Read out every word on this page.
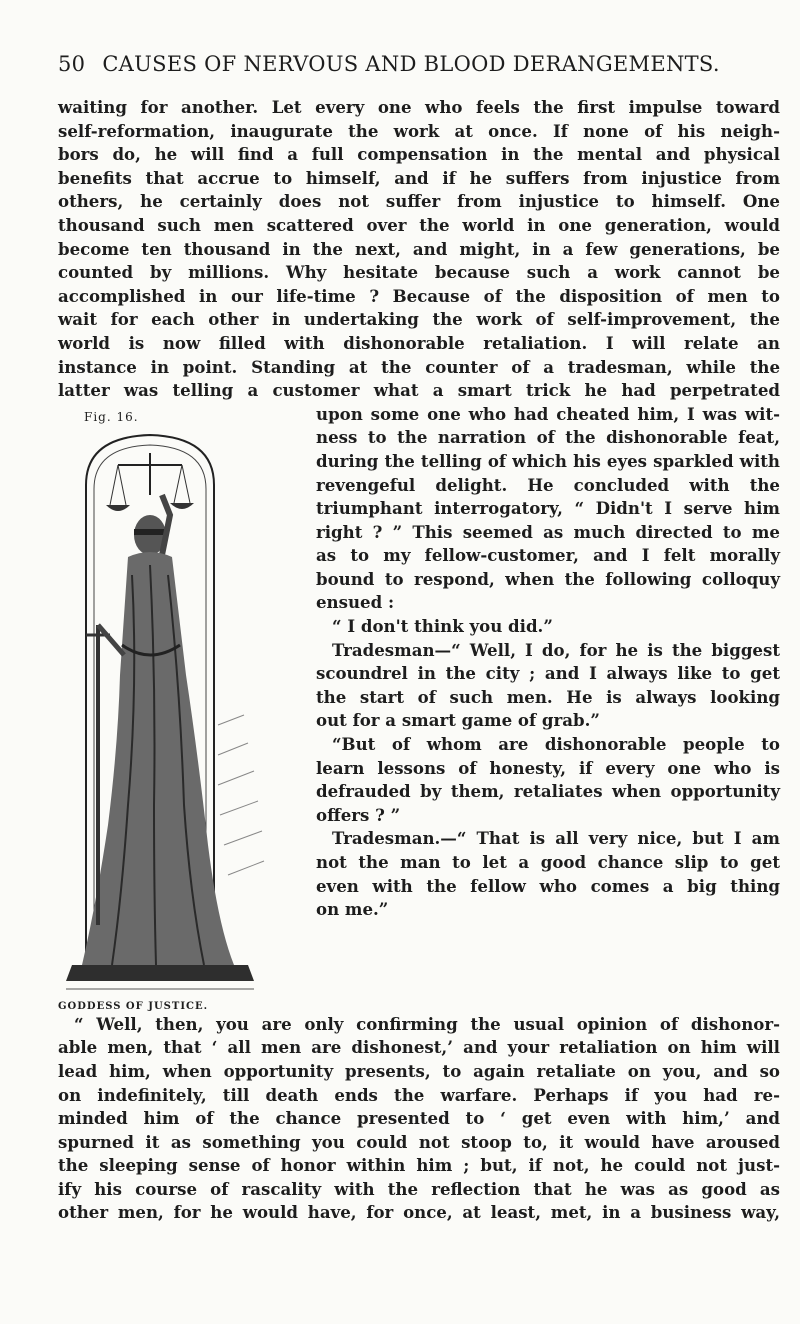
50 CAUSES OF NERVOUS AND BLOOD DERANGEMENTS.

waiting for another. Let every one who feels the first impulse toward

self-reformation, inaugurate the work at once. If none of his neigh-

bors do, he will find a full compensation in the mental and physical

benefits that accrue to himself, and if he suffers from injustice from

others, he certainly does not suffer from injustice to himself. One

thousand such men scattered over the world in one generation, would

become ten thousand in the next, and might, in a few generations, be

counted by millions. Why hesitate because such a work cannot be

accomplished in our life-time ? Because of the disposition of men to

wait for each other in undertaking the work of self-improvement, the

world is now filled with dishonorable retaliation. I will relate an

instance in point. Standing at the counter of a tradesman, while the

latter was telling a customer what a smart trick he had perpetrated

Fig. 16.
GODDESS OF JUSTICE.

upon some one who had cheated him, I was wit-

ness to the narration of the dishonorable feat,

during the telling of which his eyes sparkled with

revengeful delight. He concluded with the

triumphant interrogatory, “ Didn't I serve him

right ? ” This seemed as much directed to me

as to my fellow-customer, and I felt morally

bound to respond, when the following colloquy

ensued :

“ I don't think you did.”

Tradesman—“ Well, I do, for he is the biggest

scoundrel in the city ; and I always like to get

the start of such men. He is always looking

out for a smart game of grab.”

“But of whom are dishonorable people to

learn lessons of honesty, if every one who is

defrauded by them, retaliates when opportunity

offers ? ”

Tradesman.—“ That is all very nice, but I am

not the man to let a good chance slip to get

even with the fellow who comes a big thing

on me.”

“ Well, then, you are only confirming the usual opinion of dishonor-

able men, that ‘ all men are dishonest,’ and your retaliation on him will

lead him, when opportunity presents, to again retaliate on you, and so

on indefinitely, till death ends the warfare. Perhaps if you had re-

minded him of the chance presented to ‘ get even with him,’ and

spurned it as something you could not stoop to, it would have aroused

the sleeping sense of honor within him ; but, if not, he could not just-

ify his course of rascality with the reflection that he was as good as

other men, for he would have, for once, at least, met, in a business way,
